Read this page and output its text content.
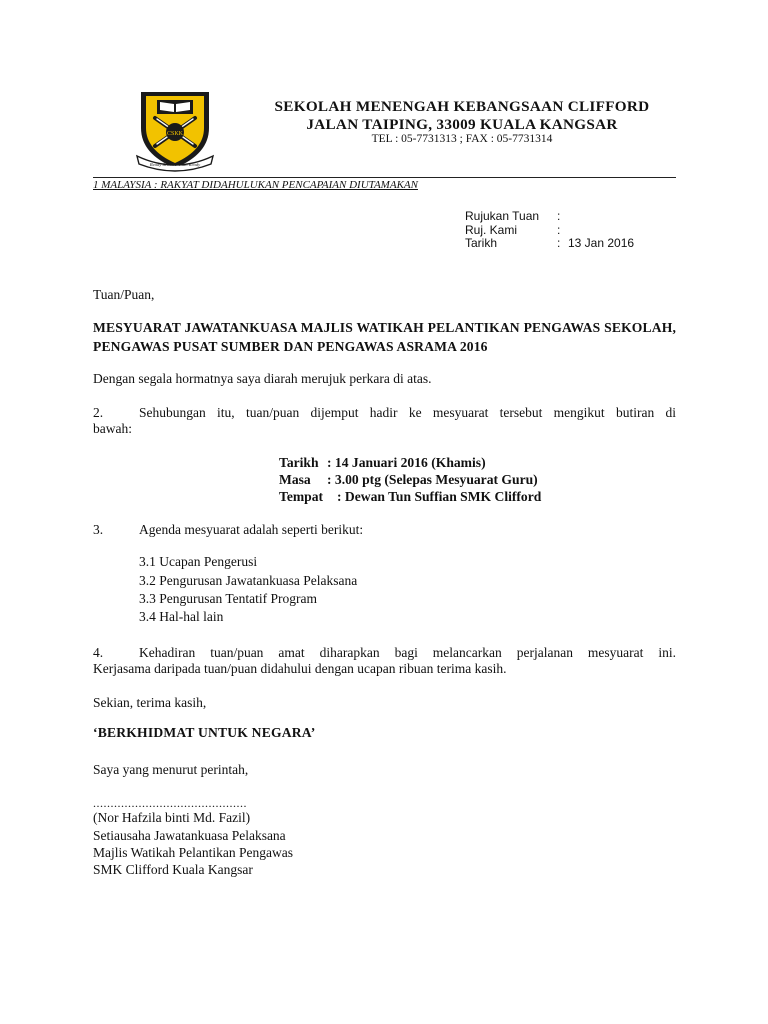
CSKK
Ready & More Than Ready
SEKOLAH MENENGAH KEBANGSAAN CLIFFORD
JALAN TAIPING, 33009 KUALA KANGSAR
TEL : 05-7731313 ; FAX : 05-7731314
1 MALAYSIA : RAKYAT DIDAHULUKAN PENCAPAIAN DIUTAMAKAN
Rujukan Tuan :
Ruj. Kami	:
Tarikh	: 13 Jan 2016
Tuan/Puan,
MESYUARAT JAWATANKUASA MAJLIS WATIKAH PELANTIKAN PENGAWAS SEKOLAH, PENGAWAS PUSAT SUMBER DAN PENGAWAS ASRAMA 2016
Dengan segala hormatnya saya diarah merujuk perkara di atas.
2.	Sehubungan itu, tuan/puan dijemput hadir ke mesyuarat tersebut mengikut butiran di
bawah:
Tarikh : 14 Januari 2016 (Khamis)
Masa : 3.00 ptg (Selepas Mesyuarat Guru)
Tempat : Dewan Tun Suffian SMK Clifford
3.	Agenda mesyuarat adalah seperti berikut:
3.1 Ucapan Pengerusi
3.2 Pengurusan Jawatankuasa Pelaksana
3.3 Pengurusan Tentatif Program
3.4 Hal-hal lain
4.	Kehadiran tuan/puan amat diharapkan bagi melancarkan perjalanan mesyuarat ini.
Kerjasama daripada tuan/puan didahului dengan ucapan ribuan terima kasih.
Sekian, terima kasih,
‘BERKHIDMAT UNTUK NEGARA’
Saya yang menurut perintah,
............................................
(Nor Hafzila binti Md. Fazil)
Setiausaha Jawatankuasa Pelaksana
Majlis Watikah Pelantikan Pengawas
SMK Clifford Kuala Kangsar
